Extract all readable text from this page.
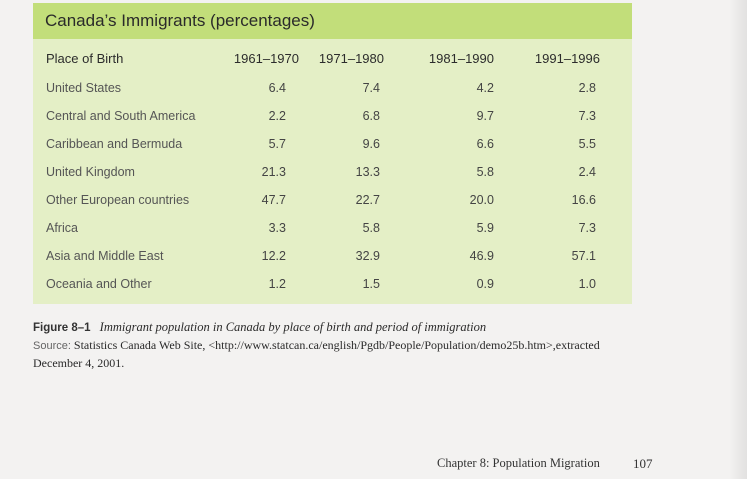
Canada’s Immigrants (percentages)
Place of Birth	1961–1970 1971–1980	1981–1990	1991–1996
United States	6.4	7.4	4.2	2.8
Central and South America	2.2	6.8	9.7	7.3
Caribbean and Bermuda	5.7	9.6	6.6	5.5
United Kingdom	21.3	13.3	5.8	2.4
Other European countries	47.7	22.7	20.0	16.6
Africa	3.3	5.8	5.9	7.3
Asia and Middle East	12.2	32.9	46.9	57.1
Oceania and Other	1.2	1.5	0.9	1.0
Figure 8–1 Immigrant population in Canada by place of birth and period of immigration
Source: Statistics Canada Web Site, <http://www.statcan.ca/english/Pgdb/People/Population/demo25b.htm>,extracted
December 4, 2001.
Chapter 8: Population Migration	107
